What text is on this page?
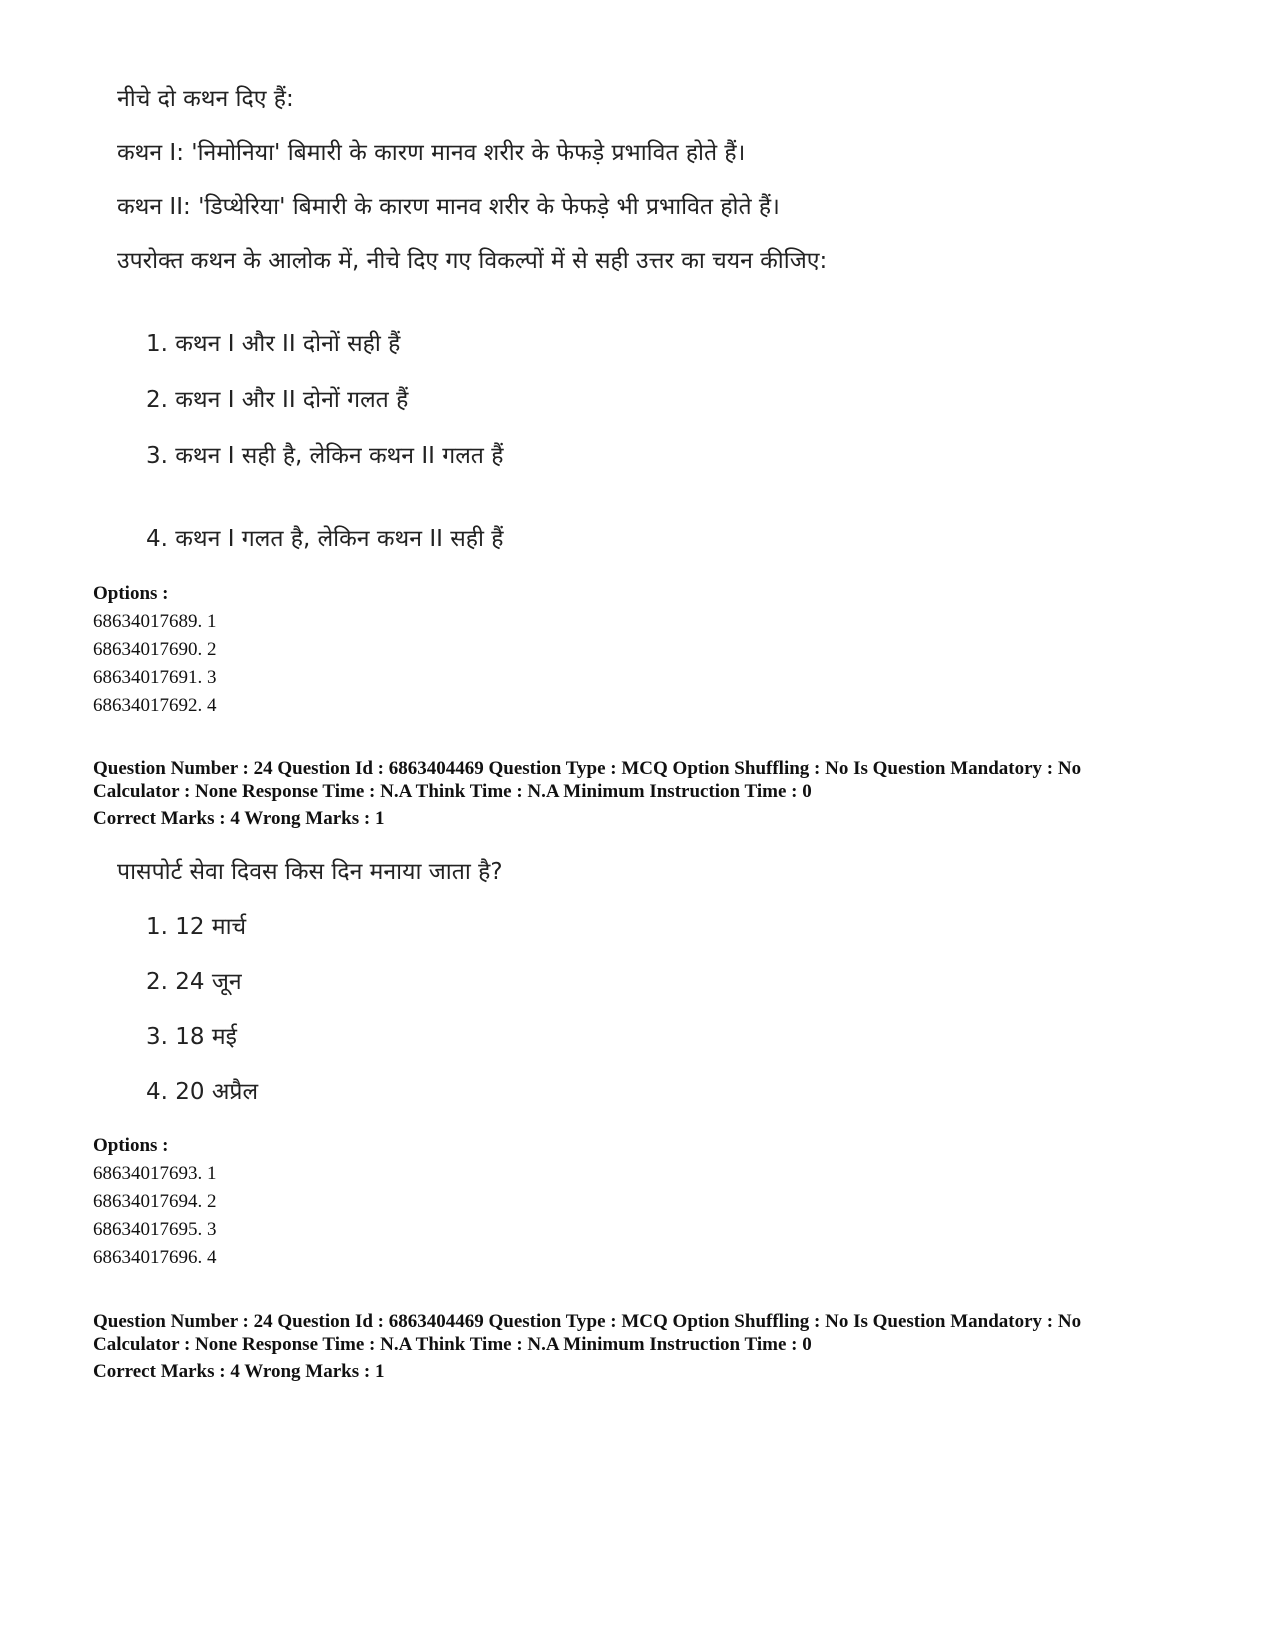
नीचे दो कथन दिए हैं:
कथन I: 'निमोनिया' बिमारी के कारण मानव शरीर के फेफड़े प्रभावित होते हैं।
कथन II: 'डिप्थेरिया' बिमारी के कारण मानव शरीर के फेफड़े भी प्रभावित होते हैं।
उपरोक्त कथन के आलोक में, नीचे दिए गए विकल्पों में से सही उत्तर का चयन कीजिए:
1. कथन I और II दोनों सही हैं
2. कथन I और II दोनों गलत हैं
3. कथन I सही है, लेकिन कथन II गलत हैं
4. कथन I गलत है, लेकिन कथन II सही हैं
Options :
68634017689. 1
68634017690. 2
68634017691. 3
68634017692. 4
Question Number : 24 Question Id : 6863404469 Question Type : MCQ Option Shuffling : No Is Question Mandatory : No
Calculator : None Response Time : N.A Think Time : N.A Minimum Instruction Time : 0
Correct Marks : 4 Wrong Marks : 1
पासपोर्ट सेवा दिवस किस दिन मनाया जाता है?
1. 12 मार्च
2. 24 जून
3. 18 मई
4. 20 अप्रैल
Options :
68634017693. 1
68634017694. 2
68634017695. 3
68634017696. 4
Question Number : 24 Question Id : 6863404469 Question Type : MCQ Option Shuffling : No Is Question Mandatory : No
Calculator : None Response Time : N.A Think Time : N.A Minimum Instruction Time : 0
Correct Marks : 4 Wrong Marks : 1
